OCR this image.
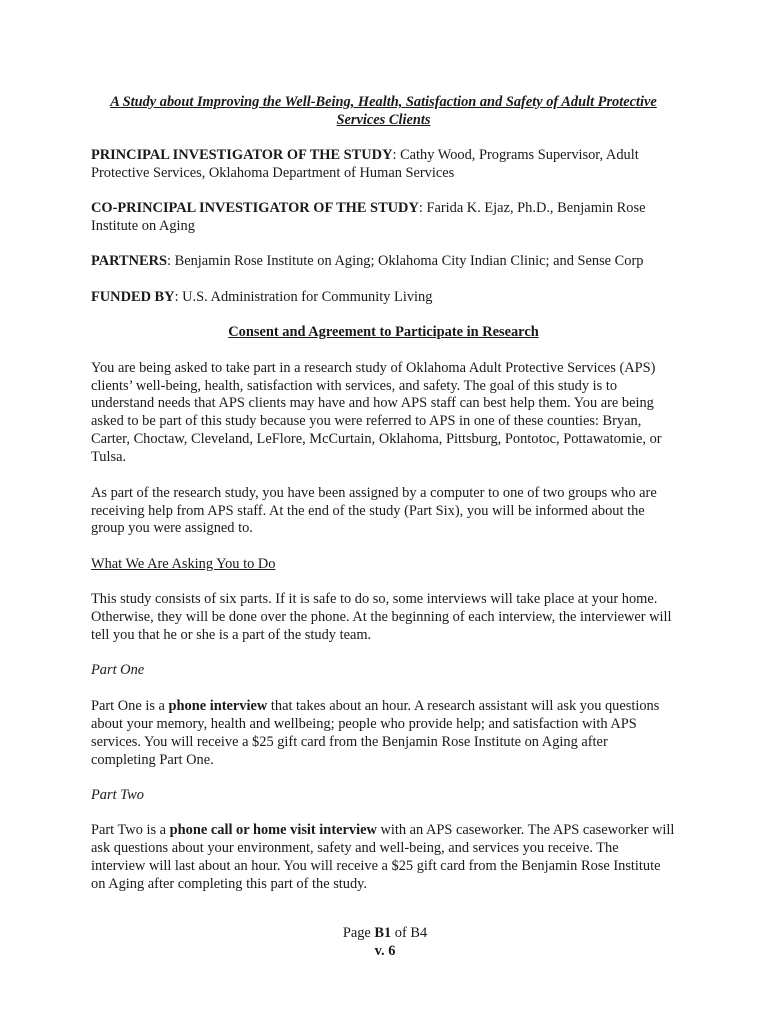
A Study about Improving the Well-Being, Health, Satisfaction and Safety of Adult Protective Services Clients

PRINCIPAL INVESTIGATOR OF THE STUDY: Cathy Wood, Programs Supervisor, Adult Protective Services, Oklahoma Department of Human Services

CO-PRINCIPAL INVESTIGATOR OF THE STUDY: Farida K. Ejaz, Ph.D., Benjamin Rose Institute on Aging

PARTNERS: Benjamin Rose Institute on Aging; Oklahoma City Indian Clinic; and Sense Corp

FUNDED BY: U.S. Administration for Community Living

Consent and Agreement to Participate in Research

You are being asked to take part in a research study of Oklahoma Adult Protective Services (APS) clients’ well-being, health, satisfaction with services, and safety. The goal of this study is to understand needs that APS clients may have and how APS staff can best help them. You are being asked to be part of this study because you were referred to APS in one of these counties: Bryan, Carter, Choctaw, Cleveland, LeFlore, McCurtain, Oklahoma, Pittsburg, Pontotoc, Pottawatomie, or Tulsa.

As part of the research study, you have been assigned by a computer to one of two groups who are receiving help from APS staff. At the end of the study (Part Six), you will be informed about the group you were assigned to.

What We Are Asking You to Do

This study consists of six parts. If it is safe to do so, some interviews will take place at your home. Otherwise, they will be done over the phone. At the beginning of each interview, the interviewer will tell you that he or she is a part of the study team.

Part One

Part One is a phone interview that takes about an hour. A research assistant will ask you questions about your memory, health and wellbeing; people who provide help; and satisfaction with APS services. You will receive a $25 gift card from the Benjamin Rose Institute on Aging after completing Part One.

Part Two

Part Two is a phone call or home visit interview with an APS caseworker. The APS caseworker will ask questions about your environment, safety and well-being, and services you receive. The interview will last about an hour. You will receive a $25 gift card from the Benjamin Rose Institute on Aging after completing this part of the study.

Page B1 of B4
v. 6
